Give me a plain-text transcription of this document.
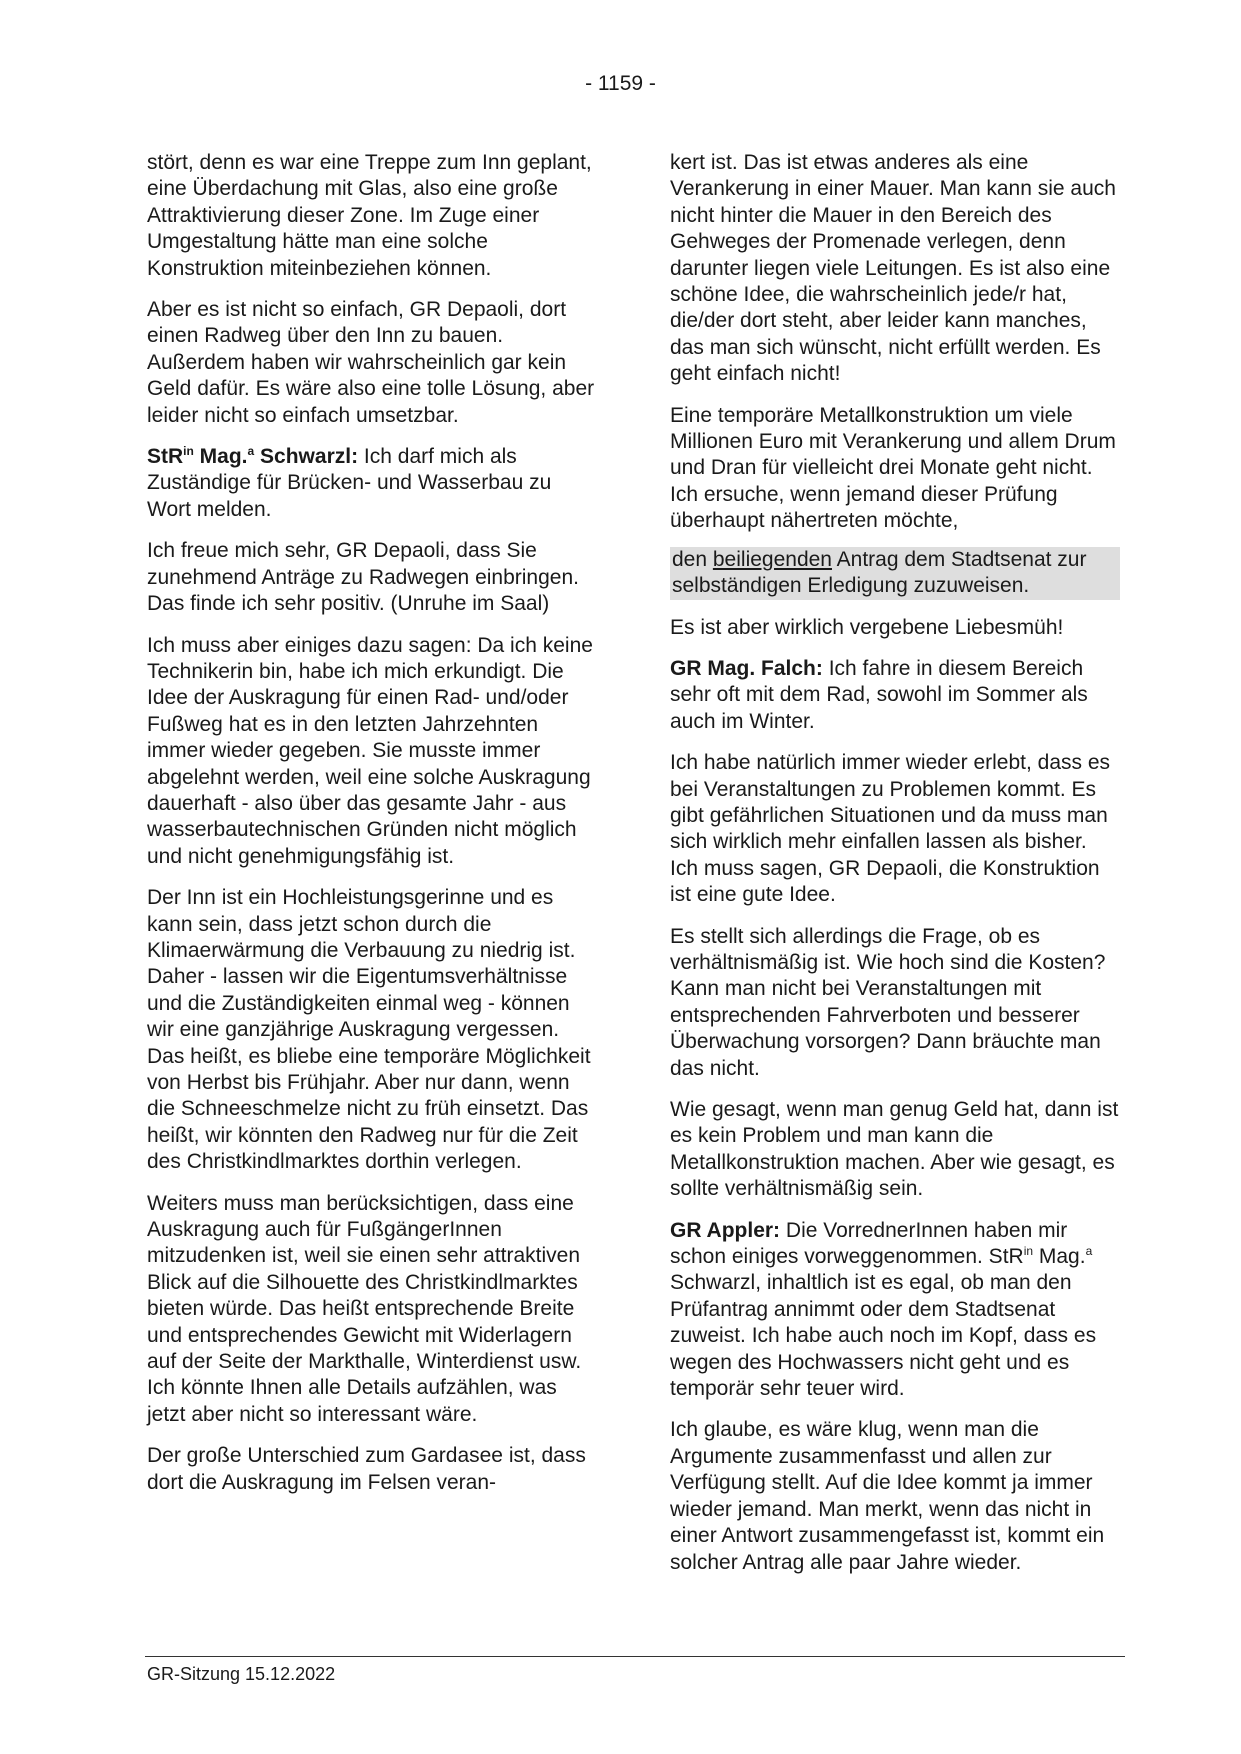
- 1159 -

stört, denn es war eine Treppe zum Inn geplant, eine Überdachung mit Glas, also eine große Attraktivierung dieser Zone. Im Zuge einer Umgestaltung hätte man eine solche Konstruktion miteinbeziehen können.

Aber es ist nicht so einfach, GR Depaoli, dort einen Radweg über den Inn zu bauen. Außerdem haben wir wahrscheinlich gar kein Geld dafür. Es wäre also eine tolle Lösung, aber leider nicht so einfach umsetzbar.

StR$^{in}$ Mag.$^a$ Schwarzl: Ich darf mich als Zuständige für Brücken- und Wasserbau zu Wort melden.

Ich freue mich sehr, GR Depaoli, dass Sie zunehmend Anträge zu Radwegen einbringen. Das finde ich sehr positiv. (Unruhe im Saal)

Ich muss aber einiges dazu sagen: Da ich keine Technikerin bin, habe ich mich erkundigt. Die Idee der Auskragung für einen Rad- und/oder Fußweg hat es in den letzten Jahrzehnten immer wieder gegeben. Sie musste immer abgelehnt werden, weil eine solche Auskragung dauerhaft - also über das gesamte Jahr - aus wasserbautechnischen Gründen nicht möglich und nicht genehmigungsfähig ist.

Der Inn ist ein Hochleistungsgerinne und es kann sein, dass jetzt schon durch die Klimaerwärmung die Verbauung zu niedrig ist. Daher - lassen wir die Eigentumsverhältnisse und die Zuständigkeiten einmal weg - können wir eine ganzjährige Auskragung vergessen. Das heißt, es bliebe eine temporäre Möglichkeit von Herbst bis Frühjahr. Aber nur dann, wenn die Schneeschmelze nicht zu früh einsetzt. Das heißt, wir könnten den Radweg nur für die Zeit des Christkindlmarktes dorthin verlegen.

Weiters muss man berücksichtigen, dass eine Auskragung auch für FußgängerInnen mitzudenken ist, weil sie einen sehr attraktiven Blick auf die Silhouette des Christkindlmarktes bieten würde. Das heißt entsprechende Breite und entsprechendes Gewicht mit Widerlagern auf der Seite der Markthalle, Winterdienst usw. Ich könnte Ihnen alle Details aufzählen, was jetzt aber nicht so interessant wäre.

Der große Unterschied zum Gardasee ist, dass dort die Auskragung im Felsen veran-

kert ist. Das ist etwas anderes als eine Verankerung in einer Mauer. Man kann sie auch nicht hinter die Mauer in den Bereich des Gehweges der Promenade verlegen, denn darunter liegen viele Leitungen. Es ist also eine schöne Idee, die wahrscheinlich jede/r hat, die/der dort steht, aber leider kann manches, das man sich wünscht, nicht erfüllt werden. Es geht einfach nicht!

Eine temporäre Metallkonstruktion um viele Millionen Euro mit Verankerung und allem Drum und Dran für vielleicht drei Monate geht nicht. Ich ersuche, wenn jemand dieser Prüfung überhaupt nähertreten möchte,

den beiliegenden Antrag dem Stadtsenat zur selbständigen Erledigung zuzuweisen.

Es ist aber wirklich vergebene Liebesmüh!

GR Mag. Falch: Ich fahre in diesem Bereich sehr oft mit dem Rad, sowohl im Sommer als auch im Winter.

Ich habe natürlich immer wieder erlebt, dass es bei Veranstaltungen zu Problemen kommt. Es gibt gefährlichen Situationen und da muss man sich wirklich mehr einfallen lassen als bisher. Ich muss sagen, GR Depaoli, die Konstruktion ist eine gute Idee.

Es stellt sich allerdings die Frage, ob es verhältnismäßig ist. Wie hoch sind die Kosten? Kann man nicht bei Veranstaltungen mit entsprechenden Fahrverboten und besserer Überwachung vorsorgen? Dann bräuchte man das nicht.

Wie gesagt, wenn man genug Geld hat, dann ist es kein Problem und man kann die Metallkonstruktion machen. Aber wie gesagt, es sollte verhältnismäßig sein.

GR Appler: Die VorrednerInnen haben mir schon einiges vorweggenommen. StR$^{in}$ Mag.$^a$ Schwarzl, inhaltlich ist es egal, ob man den Prüfantrag annimmt oder dem Stadtsenat zuweist. Ich habe auch noch im Kopf, dass es wegen des Hochwassers nicht geht und es temporär sehr teuer wird.

Ich glaube, es wäre klug, wenn man die Argumente zusammenfasst und allen zur Verfügung stellt. Auf die Idee kommt ja immer wieder jemand. Man merkt, wenn das nicht in einer Antwort zusammengefasst ist, kommt ein solcher Antrag alle paar Jahre wieder.

GR-Sitzung 15.12.2022
